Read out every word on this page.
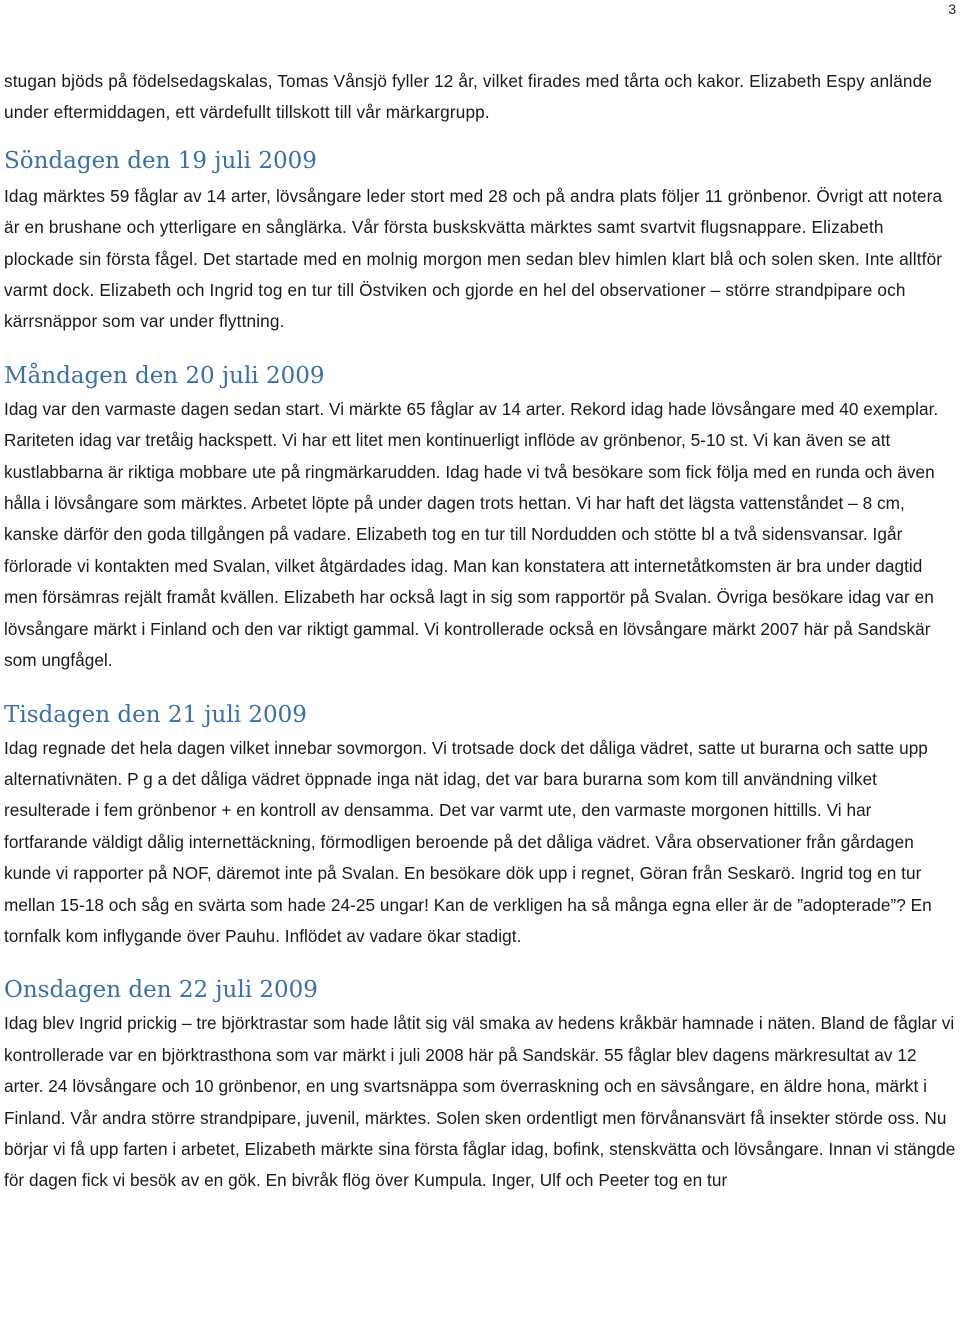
3

stugan bjöds på födelsedagskalas, Tomas Vånsjö fyller 12 år, vilket firades med tårta och kakor. Elizabeth Espy anlände under eftermiddagen, ett värdefullt tillskott till vår märkargrupp.

Söndagen den 19 juli 2009

Idag märktes 59 fåglar av 14 arter, lövsångare leder stort med 28 och på andra plats följer 11 grönbenor. Övrigt att notera är en brushane och ytterligare en sånglärka. Vår första buskskvätta märktes samt svartvit flugsnappare. Elizabeth plockade sin första fågel. Det startade med en molnig morgon men sedan blev himlen klart blå och solen sken. Inte alltför varmt dock. Elizabeth och Ingrid tog en tur till Östviken och gjorde en hel del observationer – större strandpipare och kärrsnäppor som var under flyttning.

Måndagen den 20 juli 2009

Idag var den varmaste dagen sedan start. Vi märkte 65 fåglar av 14 arter. Rekord idag hade lövsångare med 40 exemplar. Rariteten idag var tretåig hackspett. Vi har ett litet men kontinuerligt inflöde av grönbenor, 5-10 st. Vi kan även se att kustlabbarna är riktiga mobbare ute på ringmärkarudden. Idag hade vi två besökare som fick följa med en runda och även hålla i lövsångare som märktes. Arbetet löpte på under dagen trots hettan. Vi har haft det lägsta vattenståndet – 8 cm, kanske därför den goda tillgången på vadare. Elizabeth tog en tur till Nordudden och stötte bl a två sidensvansar. Igår förlorade vi kontakten med Svalan, vilket åtgärdades idag. Man kan konstatera att internetåtkomsten är bra under dagtid men försämras rejält framåt kvällen. Elizabeth har också lagt in sig som rapportör på Svalan. Övriga besökare idag var en lövsångare märkt i Finland och den var riktigt gammal. Vi kontrollerade också en lövsångare märkt 2007 här på Sandskär som ungfågel.

Tisdagen den 21 juli 2009

Idag regnade det hela dagen vilket innebar sovmorgon. Vi trotsade dock det dåliga vädret, satte ut burarna och satte upp alternativnäten. P g a det dåliga vädret öppnade inga nät idag, det var bara burarna som kom till användning vilket resulterade i fem grönbenor + en kontroll av densamma. Det var varmt ute, den varmaste morgonen hittills. Vi har fortfarande väldigt dålig internettäckning, förmodligen beroende på det dåliga vädret. Våra observationer från gårdagen kunde vi rapporter på NOF, däremot inte på Svalan. En besökare dök upp i regnet, Göran från Seskarö. Ingrid tog en tur mellan 15-18 och såg en svärta som hade 24-25 ungar! Kan de verkligen ha så många egna eller är de ”adopterade”? En tornfalk kom inflygande över Pauhu. Inflödet av vadare ökar stadigt.

Onsdagen den 22 juli 2009

Idag blev Ingrid prickig – tre björktrastar som hade låtit sig väl smaka av hedens kråkbär hamnade i näten. Bland de fåglar vi kontrollerade var en björktrasthona som var märkt i juli 2008 här på Sandskär. 55 fåglar blev dagens märkresultat av 12 arter. 24 lövsångare och 10 grönbenor, en ung svartsnäppa som överraskning och en sävsångare, en äldre hona, märkt i Finland. Vår andra större strandpipare, juvenil, märktes. Solen sken ordentligt men förvånansvärt få insekter störde oss. Nu börjar vi få upp farten i arbetet, Elizabeth märkte sina första fåglar idag, bofink, stenskvätta och lövsångare. Innan vi stängde för dagen fick vi besök av en gök. En bivråk flög över Kumpula. Inger, Ulf och Peeter tog en tur
